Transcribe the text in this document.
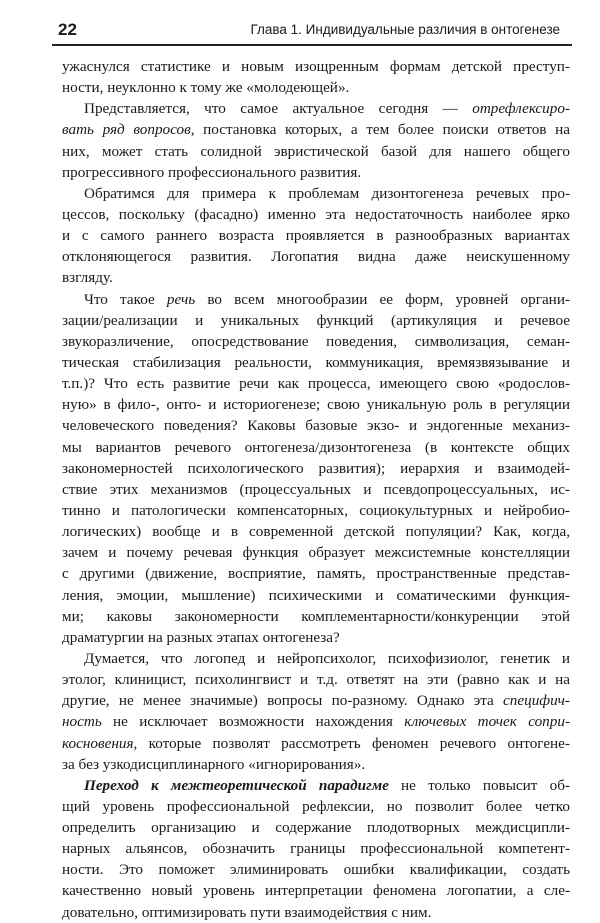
22	Глава 1. Индивидуальные различия в онтогенезе
ужаснулся статистике и новым изощренным формам детской преступ-
ности, неуклонно к тому же «молодеющей».
Представляется, что самое актуальное сегодня — отрефлексиро-
вать ряд вопросов, постановка которых, а тем более поиски ответов на
них, может стать солидной эвристической базой для нашего общего
прогрессивного профессионального развития.
Обратимся для примера к проблемам дизонтогенеза речевых про-
цессов, поскольку (фасадно) именно эта недостаточность наиболее ярко
и с самого раннего возраста проявляется в разнообразных вариантах
отклоняющегося развития. Логопатия видна даже неискушенному
взгляду.
Что такое речь во всем многообразии ее форм, уровней органи-
зации/реализации и уникальных функций (артикуляция и речевое
звукоразличение, опосредствование поведения, символизация, семан-
тическая стабилизация реальности, коммуникация, времязвязывание и
т.п.)? Что есть развитие речи как процесса, имеющего свою «родослов-
ную» в фило-, онто- и историогенезе; свою уникальную роль в регуляции
человеческого поведения? Каковы базовые экзо- и эндогенные механиз-
мы вариантов речевого онтогенеза/дизонтогенеза (в контексте общих
закономерностей психологического развития); иерархия и взаимодей-
ствие этих механизмов (процессуальных и псевдопроцессуальных, ис-
тинно и патологически компенсаторных, социокультурных и нейробио-
логических) вообще и в современной детской популяции? Как, когда,
зачем и почему речевая функция образует межсистемные констелляции
с другими (движение, восприятие, память, пространственные представ-
ления, эмоции, мышление) психическими и соматическими функция-
ми; каковы закономерности комплементарности/конкуренции этой
драматургии на разных этапах онтогенеза?
Думается, что логопед и нейропсихолог, психофизиолог, генетик и
этолог, клиницист, психолингвист и т.д. ответят на эти (равно как и на
другие, не менее значимые) вопросы по-разному. Однако эта специфич-
ность не исключает возможности нахождения ключевых точек сопри-
косновения, которые позволят рассмотреть феномен речевого онтогене-
за без узкодисциплинарного «игнорирования».
Переход к межтеоретической парадигме не только повысит об-
щий уровень профессиональной рефлексии, но позволит более четко
определить организацию и содержание плодотворных междисципли-
нарных альянсов, обозначить границы профессиональной компетент-
ности. Это поможет элиминировать ошибки квалификации, создать
качественно новый уровень интерпретации феномена логопатии, а сле-
довательно, оптимизировать пути взаимодействия с ним.
